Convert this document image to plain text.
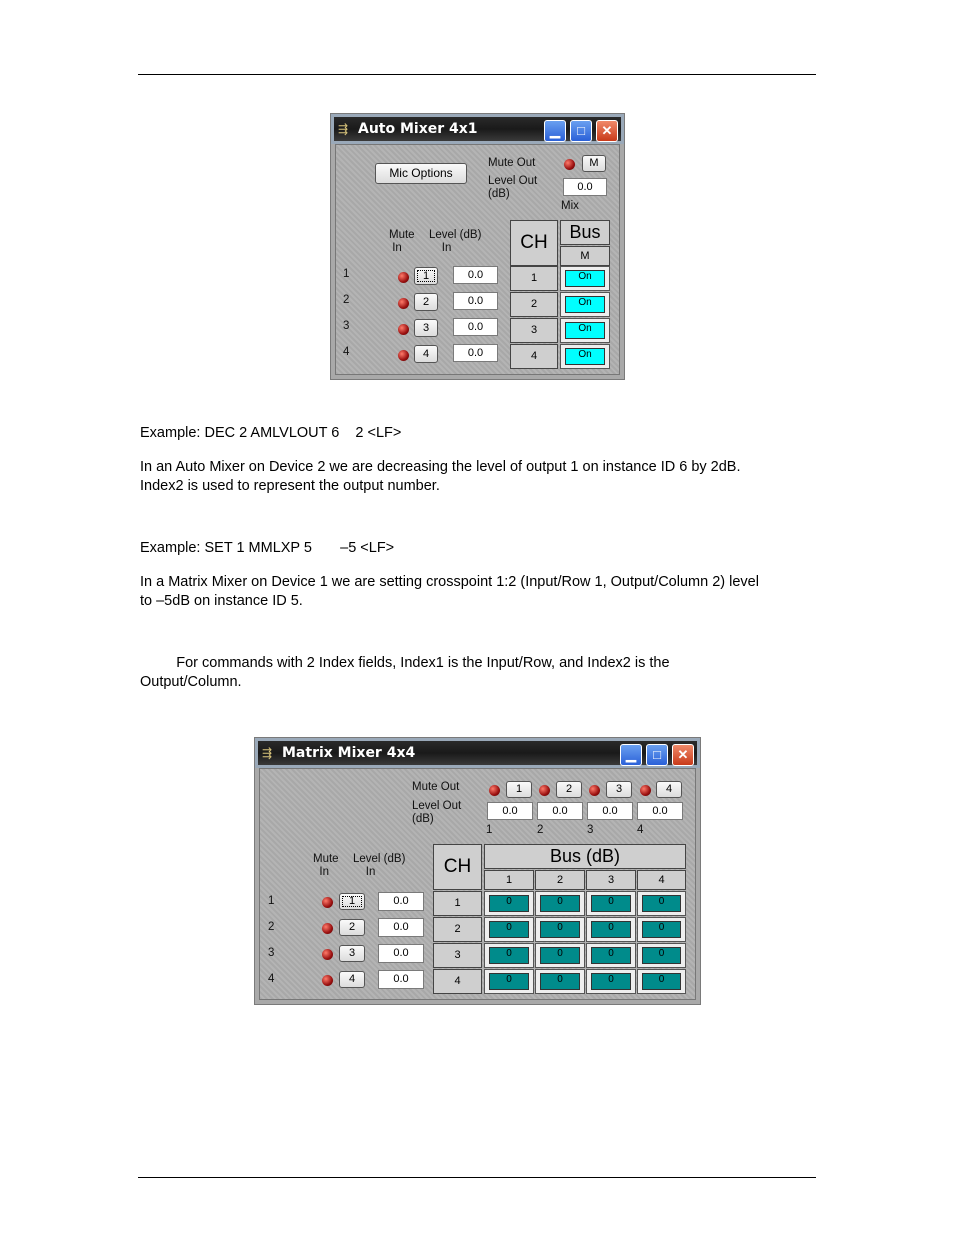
⇶ Auto Mixer 4x1	▁	□	✕
Mic Options
Mute Out	M
Level Out
(dB)
0.0
Mix
Mute
In
Level (dB)
In	CH	Bus
M
1	1	0.0	1	On
2	2	0.0	2	On
3	3	0.0	3	On
4	4	0.0	4	On
Example: DEC 2 AMLVLOUT 6    2 <LF>
In an Auto Mixer on Device 2 we are decreasing the level of output 1 on instance ID 6 by 2dB.
Index2 is used to represent the output number.
Example: SET 1 MMLXP 5       –5 <LF>
In a Matrix Mixer on Device 1 we are setting crosspoint 1:2 (Input/Row 1, Output/Column 2) level
to –5dB on instance ID 5.
For commands with 2 Index fields, Index1 is the Input/Row, and Index2 is the
Output/Column.
⇶ Matrix Mixer 4x4	▁	□	✕
Mute Out	1	2	3	4
Level Out
(dB)
0.0	0.0	0.0	0.0
1	2	3	4
Mute
In
Level (dB)
In	CH	Bus (dB)
1	2	3	4
1	1	0.0	1	0	0	0	0
2	2	0.0	2	0	0	0	0
3	3	0.0	3	0	0	0	0
4	4	0.0	4	0	0	0	0
